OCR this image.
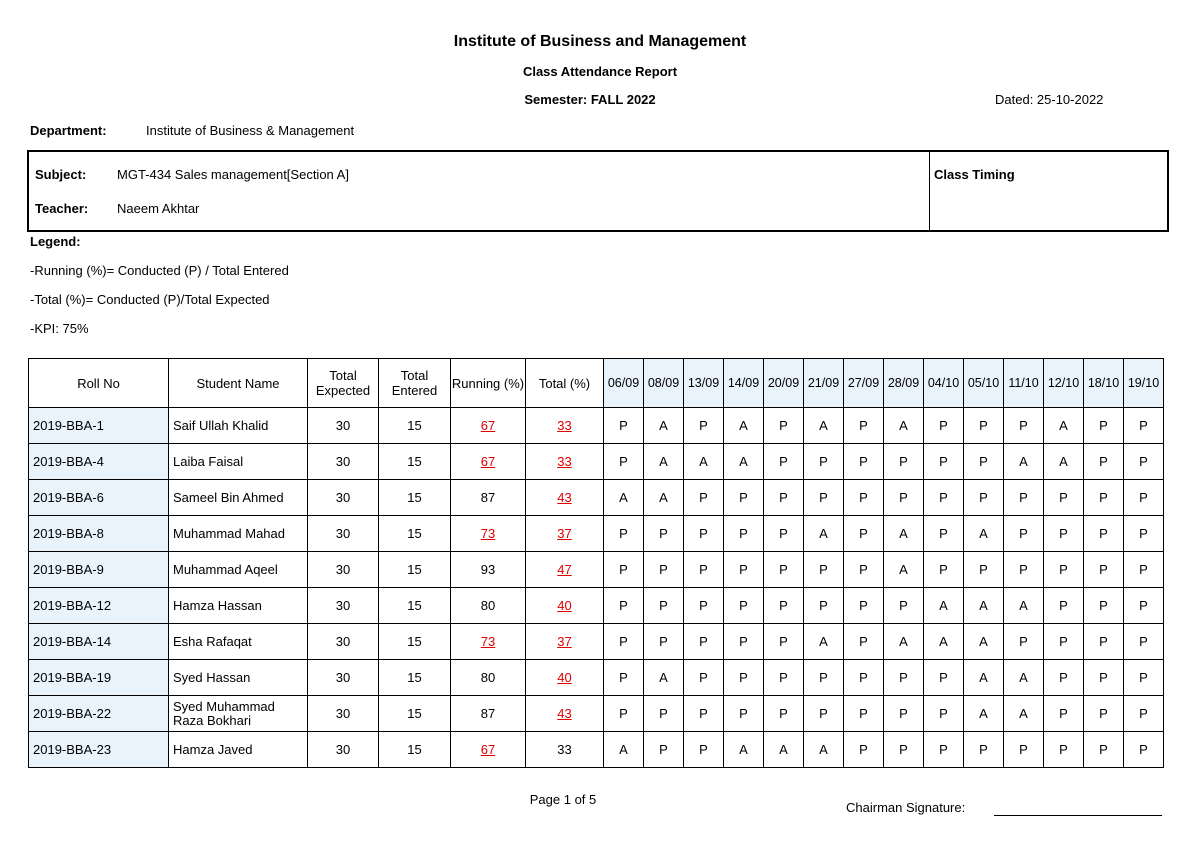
Institute of Business and Management
Class Attendance Report
Semester: FALL 2022	Dated: 25-10-2022
Department:	Institute of Business & Management
Subject: MGT-434 Sales management[Section A]
Teacher: Naeem Akhtar
Class Timing
Legend:
-Running (%)= Conducted (P) / Total Entered
-Total (%)= Conducted (P)/Total Expected
-KPI: 75%
Roll No	Student Name	Total Expected	Total Entered	Running (%)	Total (%)	06/09	08/09	13/09	14/09	20/09	21/09	27/09	28/09	04/10	05/10	11/10	12/10	18/10	19/10
2019-BBA-1	Saif Ullah Khalid	30	15	67	33	P	A	P	A	P	A	P	A	P	P	P	A	P	P
2019-BBA-4	Laiba Faisal	30	15	67	33	P	A	A	A	P	P	P	P	P	P	A	A	P	P
2019-BBA-6	Sameel Bin Ahmed	30	15	87	43	A	A	P	P	P	P	P	P	P	P	P	P	P	P
2019-BBA-8	Muhammad Mahad	30	15	73	37	P	P	P	P	P	A	P	A	P	A	P	P	P	P
2019-BBA-9	Muhammad Aqeel	30	15	93	47	P	P	P	P	P	P	P	A	P	P	P	P	P	P
2019-BBA-12	Hamza Hassan	30	15	80	40	P	P	P	P	P	P	P	P	A	A	A	P	P	P
2019-BBA-14	Esha Rafaqat	30	15	73	37	P	P	P	P	P	A	P	A	A	A	P	P	P	P
2019-BBA-19	Syed Hassan	30	15	80	40	P	A	P	P	P	P	P	P	P	A	A	P	P	P
2019-BBA-22	Syed Muhammad Raza Bokhari	30	15	87	43	P	P	P	P	P	P	P	P	P	A	A	P	P	P
2019-BBA-23	Hamza Javed	30	15	67	33	A	P	P	A	A	A	P	P	P	P	P	P	P	P
Page 1 of 5
Chairman Signature:
